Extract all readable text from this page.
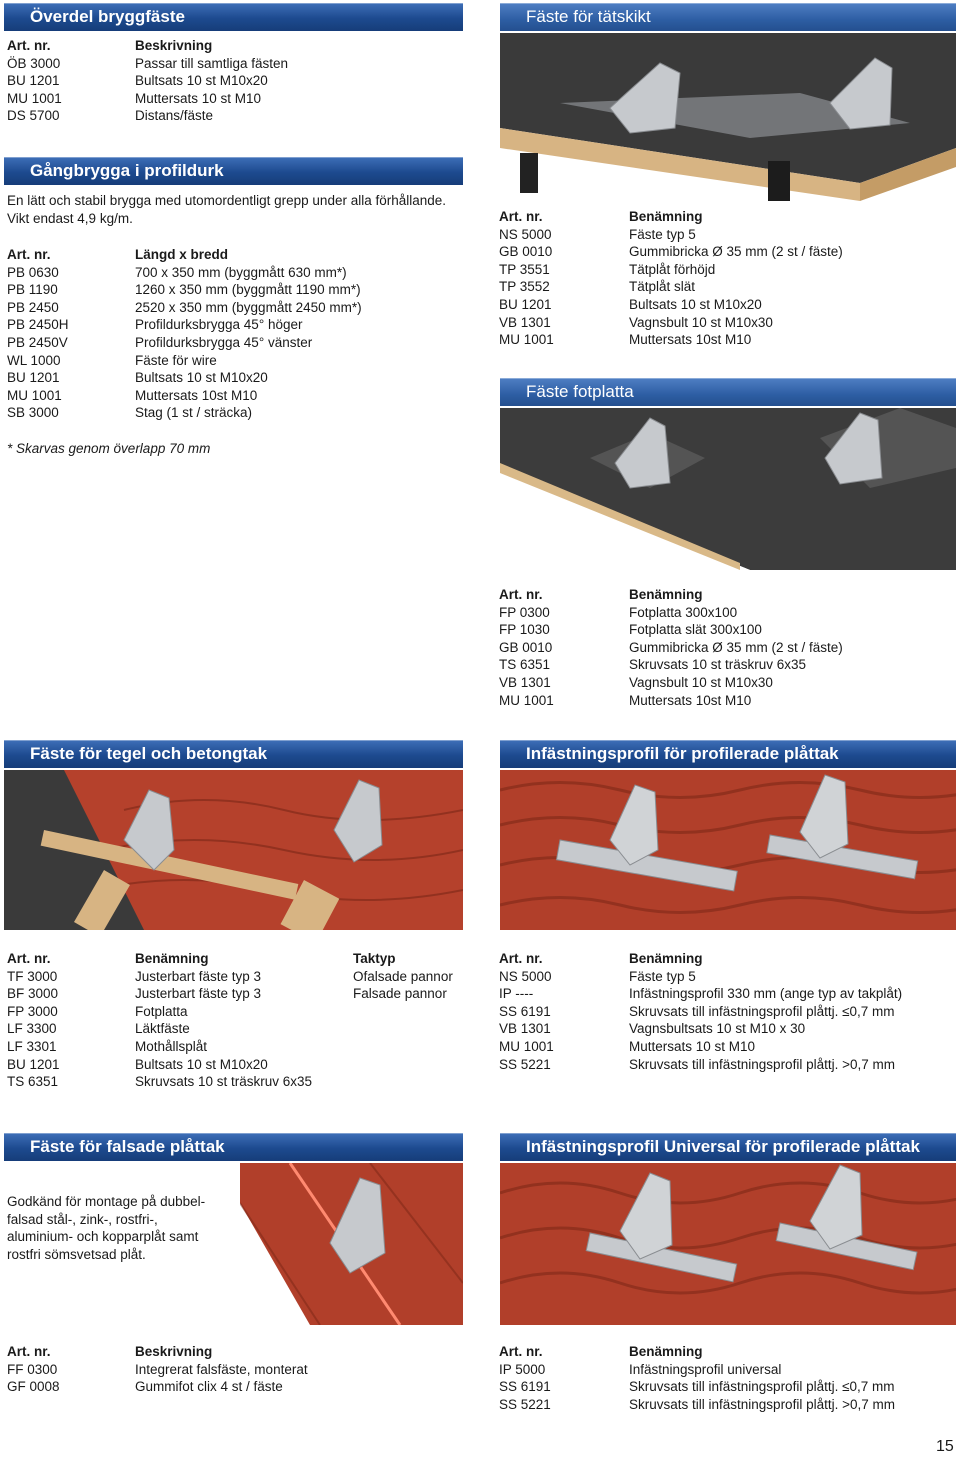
Överdel bryggfäste
Art. nr.	Beskrivning
ÖB 3000	Passar till samtliga fästen
BU 1201	Bultsats 10 st M10x20
MU 1001	Muttersats 10 st M10
DS 5700	Distans/fäste
Gångbrygga i profildurk
En lätt och stabil brygga med utomordentligt grepp under alla förhållande. Vikt endast 4,9 kg/m.
Art. nr.	Längd x bredd
PB 0630	700 x 350 mm (byggmått 630 mm*)
PB 1190	1260 x 350 mm (byggmått 1190 mm*)
PB 2450	2520 x 350 mm (byggmått 2450 mm*)
PB 2450H	Profildurksbrygga 45° höger
PB 2450V	Profildurksbrygga 45° vänster
WL 1000	Fäste för wire
BU 1201	Bultsats 10 st M10x20
MU 1001	Muttersats 10st M10
SB 3000	Stag (1 st / sträcka)
* Skarvas genom överlapp 70 mm
Fäste för tätskikt
Art. nr.	Benämning
NS 5000	Fäste typ 5
GB 0010	Gummibricka Ø 35 mm (2 st / fäste)
TP 3551	Tätplåt förhöjd
TP 3552	Tätplåt slät
BU 1201	Bultsats 10 st M10x20
VB 1301	Vagnsbult 10 st M10x30
MU 1001	Muttersats 10st M10
Fäste fotplatta
Art. nr.	Benämning
FP 0300	Fotplatta 300x100
FP 1030	Fotplatta slät 300x100
GB 0010	Gummibricka Ø 35 mm (2 st / fäste)
TS 6351	Skruvsats 10 st träskruv 6x35
VB 1301	Vagnsbult 10 st M10x30
MU 1001	Muttersats 10st M10
Fäste för tegel och betongtak
Art. nr.	Benämning	Taktyp
TF 3000	Justerbart fäste typ 3	Ofalsade pannor
BF 3000	Justerbart fäste typ 3	Falsade pannor
FP 3000	Fotplatta
LF 3300	Läktfäste
LF 3301	Mothållsplåt
BU 1201	Bultsats 10 st M10x20
TS 6351	Skruvsats 10 st träskruv 6x35
Infästningsprofil för profilerade plåttak
Art. nr.	Benämning
NS 5000	Fäste typ 5
IP ----	Infästningsprofil 330 mm (ange typ av takplåt)
SS 6191	Skruvsats till infästningsprofil plåttj. ≤0,7 mm
VB 1301	Vagnsbultsats 10 st M10 x 30
MU 1001	Muttersats 10 st M10
SS 5221	Skruvsats till infästningsprofil plåttj. >0,7 mm
Fäste för falsade plåttak
Godkänd för montage på dubbel-
falsad stål-, zink-, rostfri-,
aluminium- och kopparplåt samt
rostfri sömsvetsad plåt.
Art. nr.	Beskrivning
FF 0300	Integrerat falsfäste, monterat
GF 0008	Gummifot clix 4 st / fäste
Infästningsprofil Universal för profilerade plåttak
Art. nr.	Benämning
IP 5000	Infästningsprofil universal
SS 6191	Skruvsats till infästningsprofil plåttj. ≤0,7 mm
SS 5221	Skruvsats till infästningsprofil plåttj. >0,7 mm
15
